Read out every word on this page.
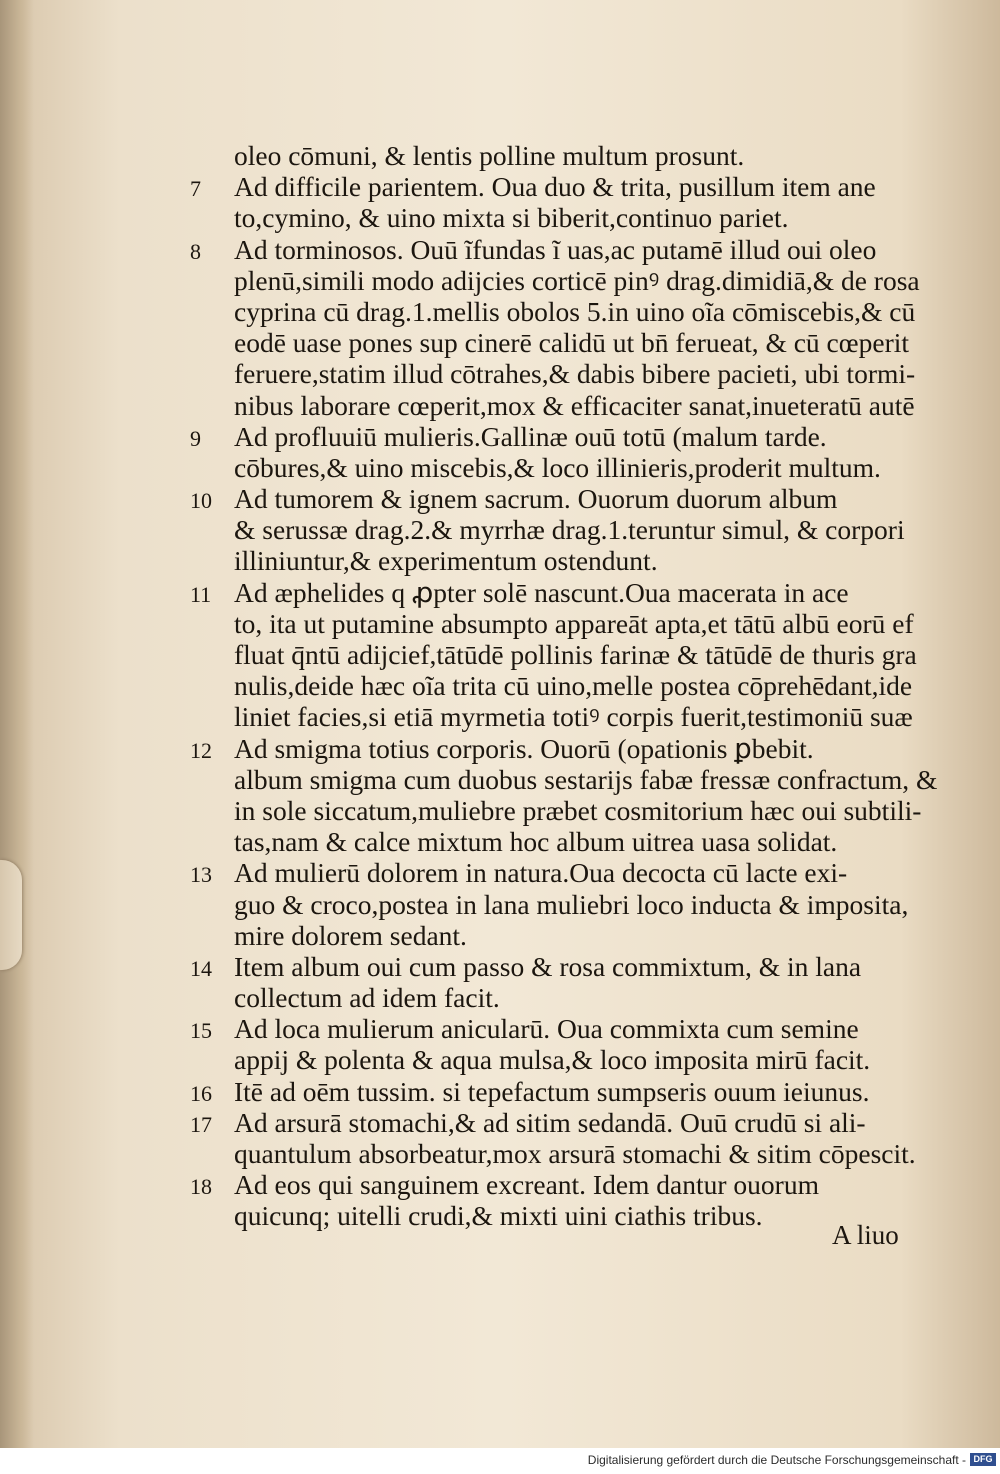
oleo cōmuni, & lentis polline multum prosunt.
7 Ad difficile parientem. Oua duo & trita, pusillum item ane
to,cymino, & uino mixta si biberit,continuo pariet.
8 Ad torminosos. Ouū ĩfundas ĩ uas,ac putamē illud oui oleo
plenū,simili modo adijcies corticē pinꝰ drag.dimidiā,& de rosa
cyprina cū drag.1.mellis obolos 5.in uino oĩa cōmiscebis,& cū
eodē uase pones sup cinerē calidū ut bn̄ ferueat, & cū cœperit
feruere,statim illud cōtrahes,& dabis bibere pacieti, ubi tormi-
nibus laborare cœperit,mox & efficaciter sanat,inueteratū autē
9 Ad profluuiū mulieris.Gallinæ ouū totū (malum tarde.
cōbures,& uino miscebis,& loco illinieris,proderit multum.
10 Ad tumorem & ignem sacrum. Ouorum duorum album
& serussæ drag.2.& myrrhæ drag.1.teruntur simul, & corpori
illiniuntur,& experimentum ostendunt.
11 Ad æphelides q ꝓpter solē nascunt.Oua macerata in ace
to, ita ut putamine absumpto appareāt apta,et tātū albū eorū ef
fluat q̄ntū adijcief,tātūdē pollinis farinæ & tātūdē de thuris gra
nulis,deide hæc oĩa trita cū uino,melle postea cōprehēdant,ide
liniet facies,si etiā myrmetia totiꝰ corpis fuerit,testimoniū suæ
12 Ad smigma totius corporis. Ouorū (opationis ꝑbebit.
album smigma cum duobus sestarijs fabæ fressæ confractum, &
in sole siccatum,muliebre præbet cosmitorium hæc oui subtili-
tas,nam & calce mixtum hoc album uitrea uasa solidat.
13 Ad mulierū dolorem in natura.Oua decocta cū lacte exi-
guo & croco,postea in lana muliebri loco inducta & imposita,
mire dolorem sedant.
14 Item album oui cum passo & rosa commixtum, & in lana
collectum ad idem facit.
15 Ad loca mulierum anicularū. Oua commixta cum semine
appij & polenta & aqua mulsa,& loco imposita mirū facit.
16 Itē ad oēm tussim. si tepefactum sumpseris ouum ieiunus.
17 Ad arsurā stomachi,& ad sitim sedandā. Ouū crudū si ali-
quantulum absorbeatur,mox arsurā stomachi & sitim cōpescit.
18 Ad eos qui sanguinem excreant. Idem dantur ouorum
quicunq; uitelli crudi,& mixti uini ciathis tribus.
A liuo
Digitalisierung gefördert durch die Deutsche Forschungsgemeinschaft - DFG
